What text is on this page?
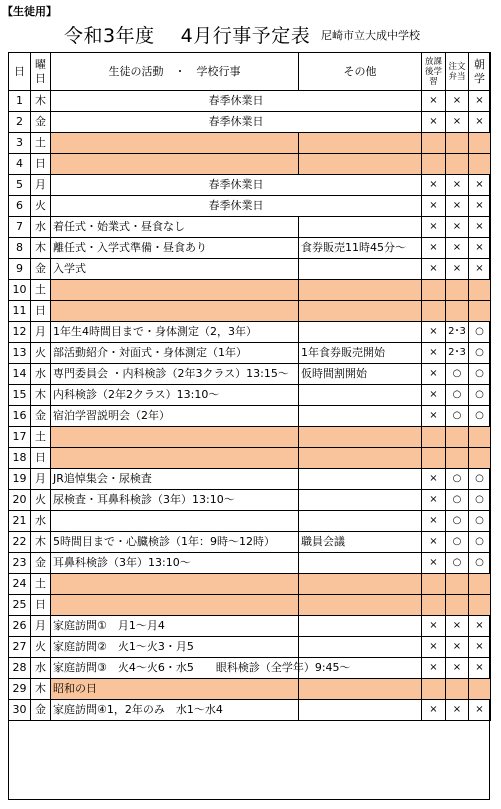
【生徒用】
令和3年度　 4月行事予定表 尼崎市立大成中学校
日	曜日	生徒の活動　・　学校行事	その他	放課後学習	注文弁当	朝学
1	木	春季休業日		×	×	×
2	金	春季休業日		×	×	×
3	土					
4	日					
5	月	春季休業日		×	×	×
6	火	春季休業日		×	×	×
7	水	着任式・始業式・昼食なし		×	×	×
8	木	離任式・入学式準備・昼食あり	食券販売11時45分～	×	×	×
9	金	入学式		×	×	×
10	土					
11	日					
12	月	1年生4時間目まで・身体測定（2，3年）		×	2･3	○
13	火	部活動紹介・対面式・身体測定（1年）	1年食券販売開始	×	2･3	○
14	水	専門委員会 ・内科検診（2年3クラス）13:15～	仮時間割開始	×	○	○
15	木	内科検診（2年2クラス）13:10～		×	○	○
16	金	宿泊学習説明会（2年）		×	○	○
17	土					
18	日					
19	月	JR追悼集会・尿検査		×	○	○
20	火	尿検査・耳鼻科検診（3年）13:10～		×	○	○
21	水			×	○	○
22	木	5時間目まで・心臓検診（1年：9時～12時）	職員会議	×	○	○
23	金	耳鼻科検診（3年）13:10～		×	○	○
24	土					
25	日					
26	月	家庭訪問①　月1～月4		×	×	×
27	火	家庭訪問②　火1～火3・月5		×	×	×
28	水	家庭訪問③　火4～火6・水5　　眼科検診（全学年）9:45～		×	×	×
29	木	昭和の日				
30	金	家庭訪問④1，2年のみ　水1～水4		×	×	×
